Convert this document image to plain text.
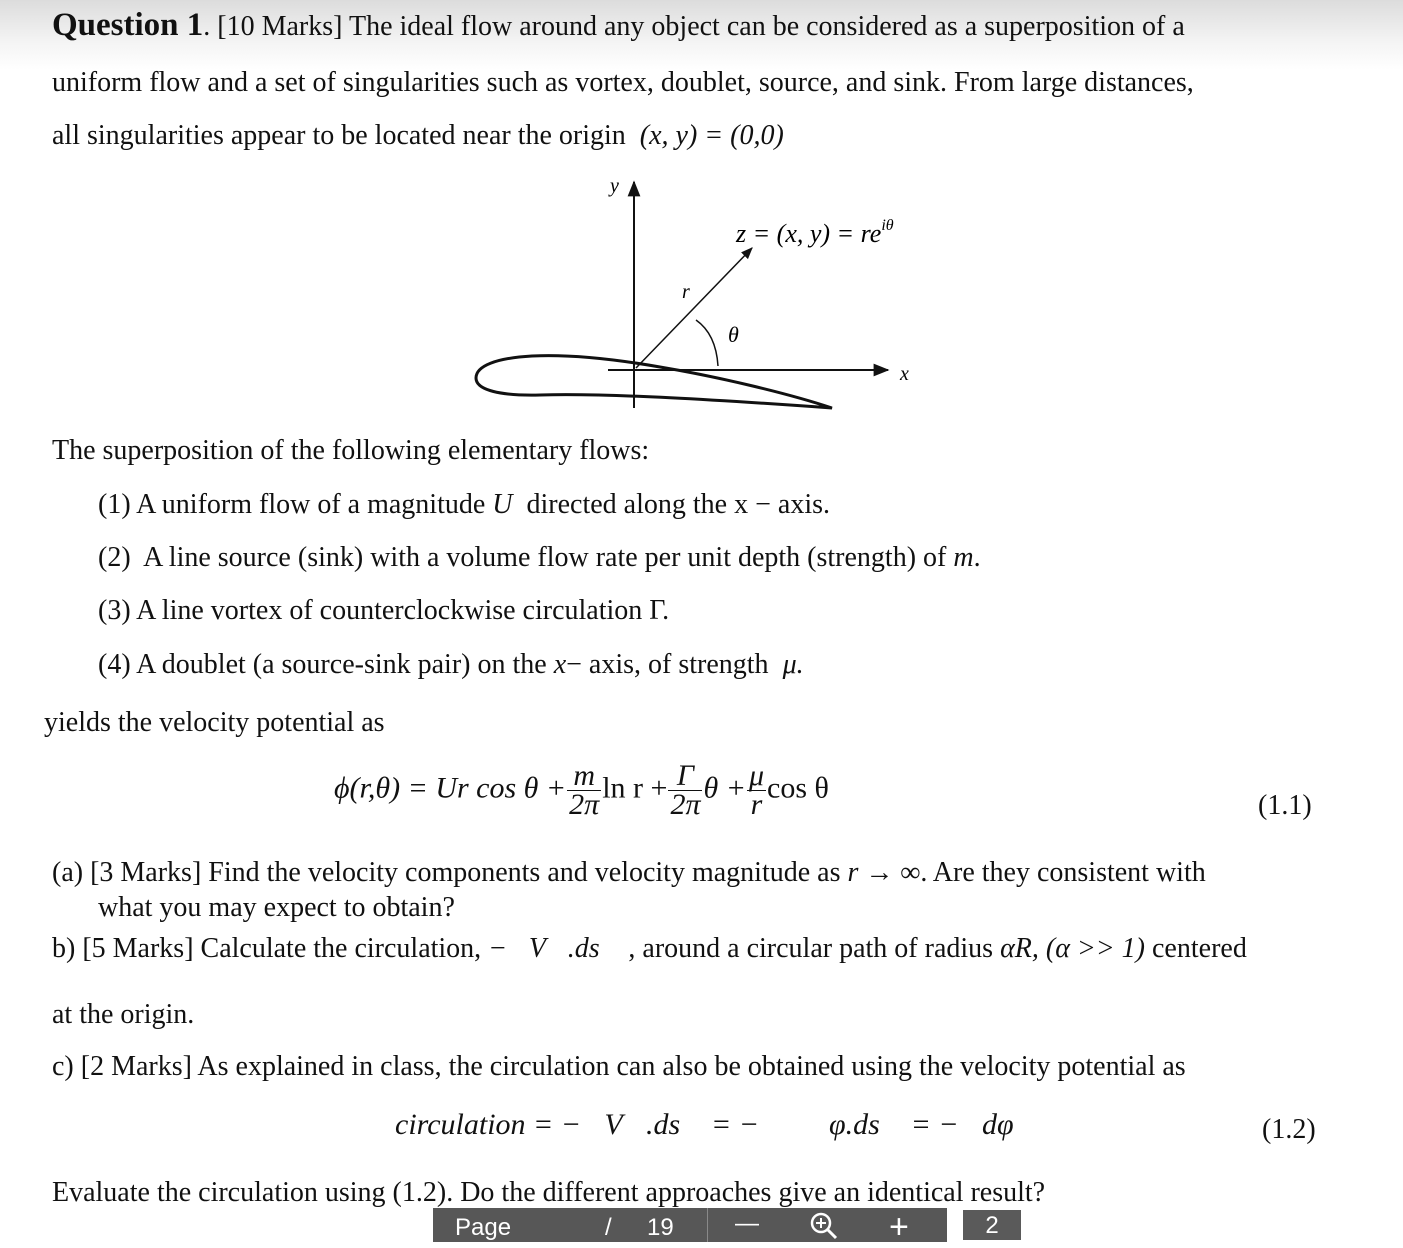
Question 1. [10 Marks] The ideal flow around any object can be considered as a superposition of a
uniform flow and a set of singularities such as vortex, doublet, source, and sink. From large distances,
all singularities appear to be located near the origin (x, y) = (0,0)
y
x
r
θ
z = (x, $y) = re^{i\theta}$
The superposition of the following elementary flows:
(1) A uniform flow of a magnitude U directed along the x − axis.
(2) A line source (sink) with a volume flow rate per unit depth (strength) of m.
(3) A line vortex of counterclockwise circulation Γ.
(4) A doublet (a source-sink pair) on the x− axis, of strength μ.
yields the velocity potential as
ϕ(r,θ) = Ur $\cos \theta + \frac{m}{2\pi}$ $\ln r + \frac{\Gamma}{2\pi}$ $\theta + \frac{\mu}{r}$ cos θ
(1.1)
(a) [3 Marks] Find the velocity components and velocity magnitude as r → ∞. Are they consistent with
what you may expect to obtain?
b) [5 Marks] Calculate the circulation, −∮V⃗.ds⃗ , around a circular path of radius αR, (α >> 1) centered
at the origin.
c) [2 Marks] As explained in class, the circulation can also be obtained using the velocity potential as
circulation = −∮V⃗.ds⃗ = −∮∇⃗φ.ds⃗ = −∮dφ	(1.2)
Evaluate the circulation using (1.2). Do the different approaches give an identical result?
Page	2
/ 19	—	+
